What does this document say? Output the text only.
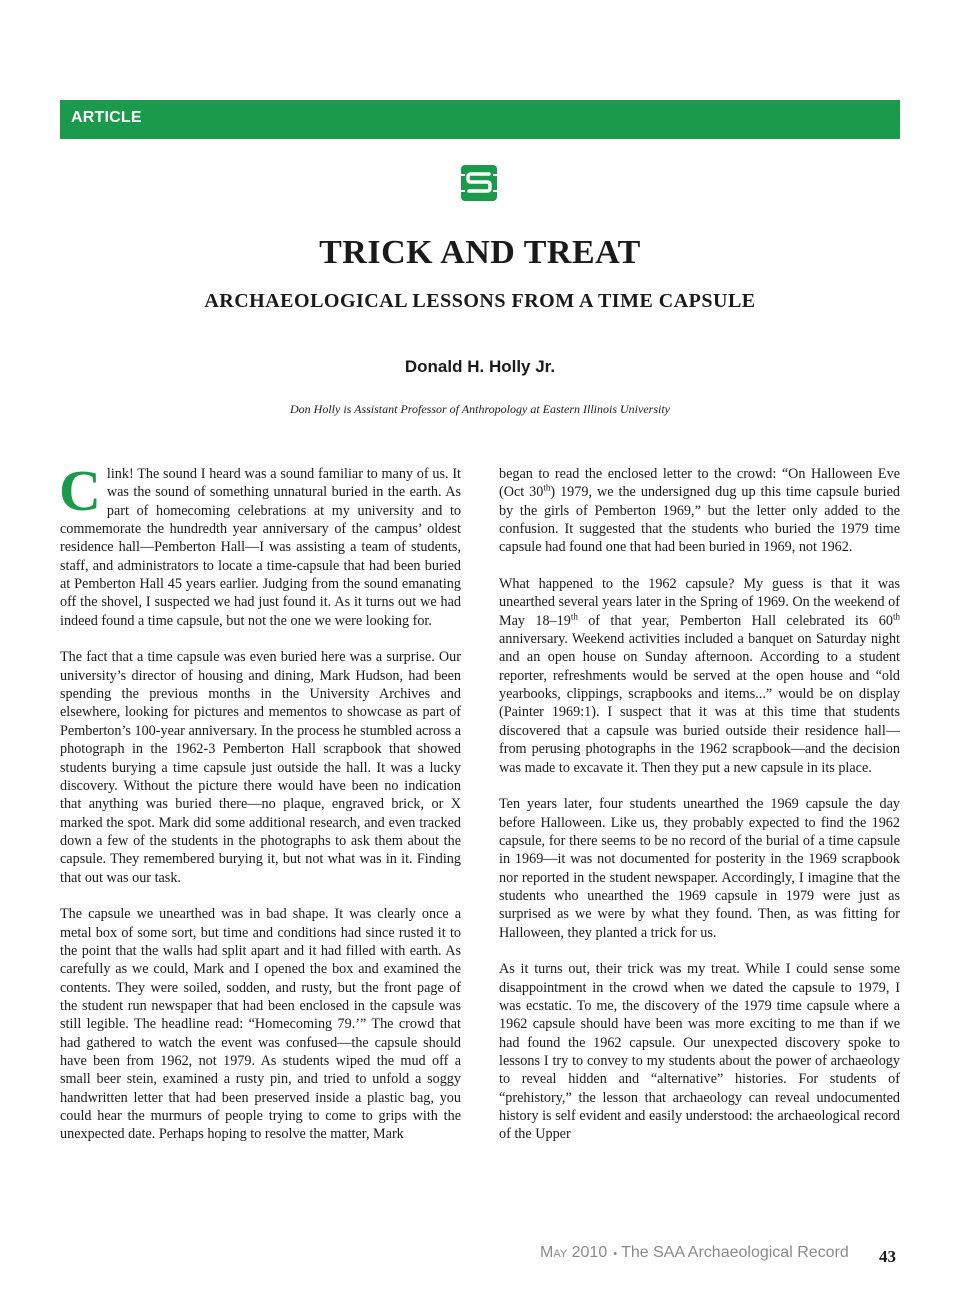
ARTICLE
TRICK AND TREAT
ARCHAEOLOGICAL LESSONS FROM A TIME CAPSULE
Donald H. Holly Jr.
Don Holly is Assistant Professor of Anthropology at Eastern Illinois University

Clink! The sound I heard was a sound familiar to many of us. It was the sound of something unnatural buried in the earth. As part of homecoming celebrations at my university and to commemorate the hundredth year anniversary of the campus’ oldest residence hall—Pemberton Hall—I was assisting a team of students, staff, and administrators to locate a time-capsule that had been buried at Pemberton Hall 45 years earlier. Judging from the sound emanating off the shovel, I suspected we had just found it. As it turns out we had indeed found a time capsule, but not the one we were looking for.

The fact that a time capsule was even buried here was a surprise. Our university’s director of housing and dining, Mark Hudson, had been spending the previous months in the University Archives and elsewhere, looking for pictures and mementos to showcase as part of Pemberton’s 100-year anniversary. In the process he stumbled across a photograph in the 1962-3 Pemberton Hall scrapbook that showed students burying a time capsule just outside the hall. It was a lucky discovery. Without the picture there would have been no indication that anything was buried there—no plaque, engraved brick, or X marked the spot. Mark did some additional research, and even tracked down a few of the students in the photographs to ask them about the capsule. They remembered burying it, but not what was in it. Finding that out was our task.

The capsule we unearthed was in bad shape. It was clearly once a metal box of some sort, but time and conditions had since rusted it to the point that the walls had split apart and it had filled with earth. As carefully as we could, Mark and I opened the box and examined the contents. They were soiled, sodden, and rusty, but the front page of the student run newspaper that had been enclosed in the capsule was still legible. The headline read: “Homecoming 79.’” The crowd that had gathered to watch the event was confused—the capsule should have been from 1962, not 1979. As students wiped the mud off a small beer stein, examined a rusty pin, and tried to unfold a soggy handwritten letter that had been preserved inside a plastic bag, you could hear the murmurs of people trying to come to grips with the unexpected date. Perhaps hoping to resolve the matter, Mark

began to read the enclosed letter to the crowd: “On Halloween Eve (Oct 30th) 1979, we the undersigned dug up this time capsule buried by the girls of Pemberton 1969,” but the letter only added to the confusion. It suggested that the students who buried the 1979 time capsule had found one that had been buried in 1969, not 1962.

What happened to the 1962 capsule? My guess is that it was unearthed several years later in the Spring of 1969. On the weekend of May 18–19th of that year, Pemberton Hall celebrated its 60th anniversary. Weekend activities included a banquet on Saturday night and an open house on Sunday afternoon. According to a student reporter, refreshments would be served at the open house and “old yearbooks, clippings, scrapbooks and items...” would be on display (Painter 1969:1). I suspect that it was at this time that students discovered that a capsule was buried outside their residence hall—from perusing photographs in the 1962 scrapbook—and the decision was made to excavate it. Then they put a new capsule in its place.

Ten years later, four students unearthed the 1969 capsule the day before Halloween. Like us, they probably expected to find the 1962 capsule, for there seems to be no record of the burial of a time capsule in 1969—it was not documented for posterity in the 1969 scrapbook nor reported in the student newspaper. Accordingly, I imagine that the students who unearthed the 1969 capsule in 1979 were just as surprised as we were by what they found. Then, as was fitting for Halloween, they planted a trick for us.

As it turns out, their trick was my treat. While I could sense some disappointment in the crowd when we dated the capsule to 1979, I was ecstatic. To me, the discovery of the 1979 time capsule where a 1962 capsule should have been was more exciting to me than if we had found the 1962 capsule. Our unexpected discovery spoke to lessons I try to convey to my students about the power of archaeology to reveal hidden and “alternative” histories. For students of “prehistory,” the lesson that archaeology can reveal undocumented history is self evident and easily understood: the archaeological record of the Upper

May 2010 • The SAA Archaeological Record 43
